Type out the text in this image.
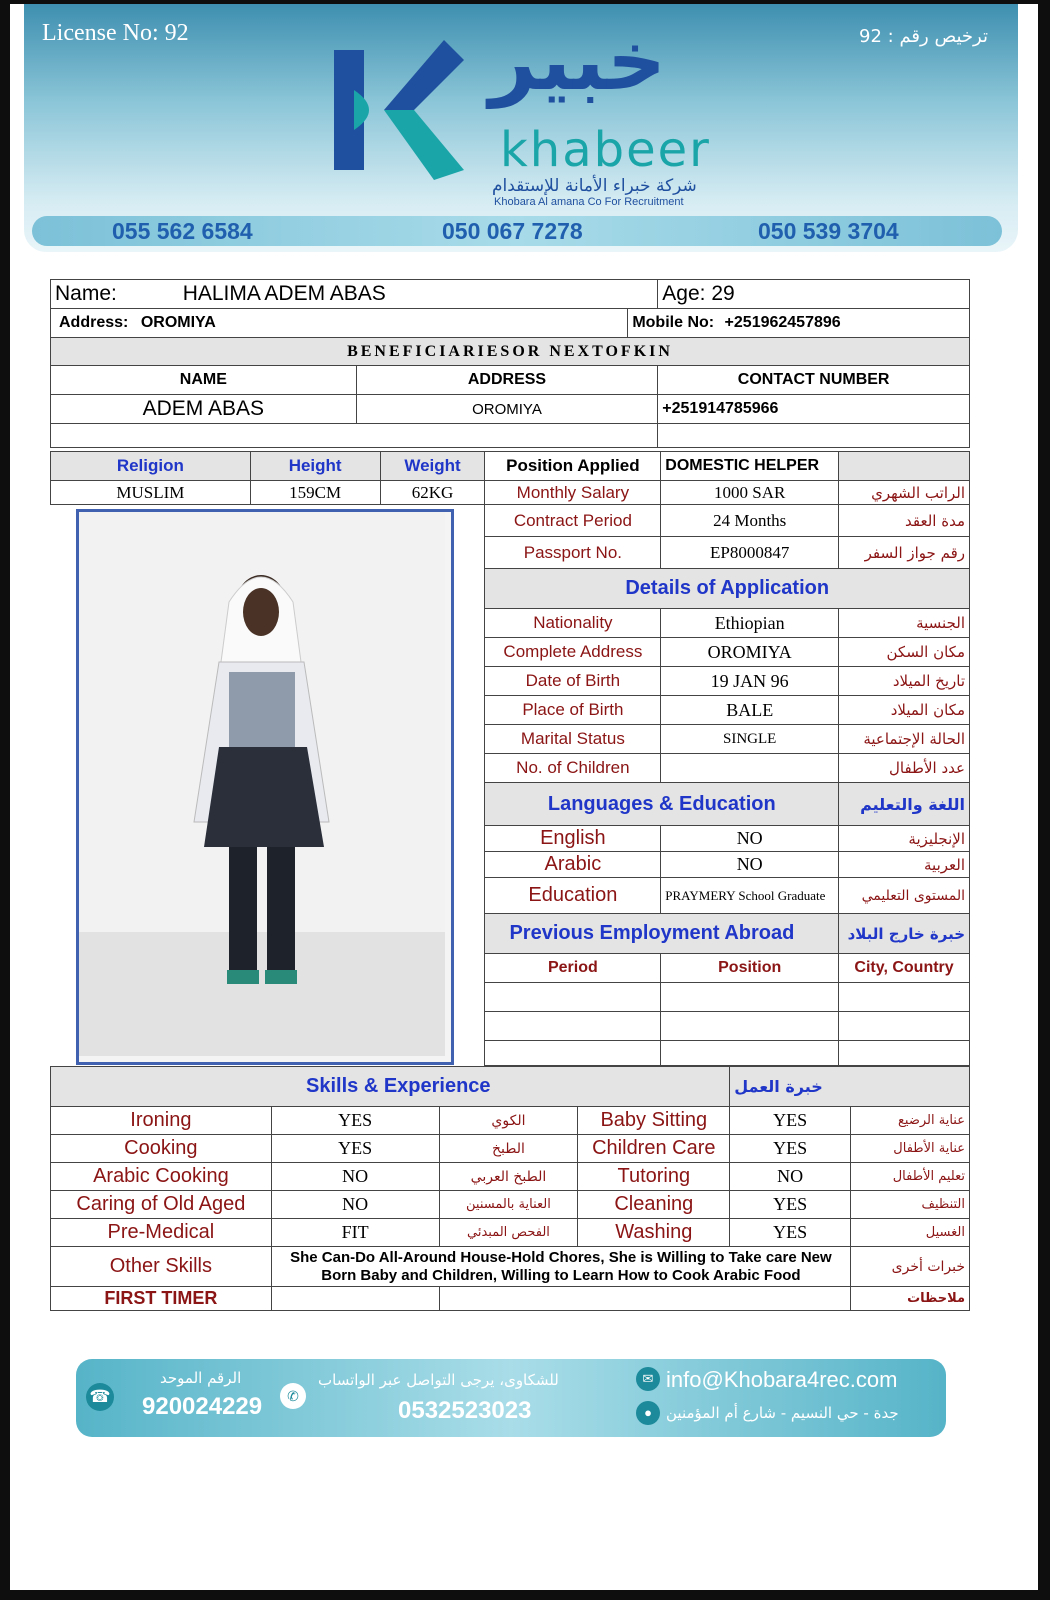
License No: 92	ترخيص رقم : 92
خبير
khabeer
شركة خبراء الأمانة للإستقدام
Khobara Al amana Co For Recruitment
055 562 6584	050 067 7278	050 539 3704
Name: HALIMA ADEM ABAS			Age: 29
Address: OROMIYA		Mobile No: +251962457896	
BENEFICIARIESOR NEXTOFKIN			
NAME	ADDRESS		CONTACT NUMBER
ADEM ABAS	OROMIYA		+251914785966

Religion	Height	Weight	Position Applied	DOMESTIC HELPER	
MUSLIM	159CM	62KG	Monthly Salary	1000 SAR	الراتب الشهري
			Contract Period	24 Months	مدة العقد
			Passport No.	EP8000847	رقم جواز السفر
			Details of Application		
			Nationality	Ethiopian	الجنسية
			Complete Address	OROMIYA	مكان السكن
			Date of Birth	19 JAN 96	تاريخ الميلاد
			Place of Birth	BALE	مكان الميلاد
			Marital Status	SINGLE	الحالة الإجتماعية
			No. of Children		عدد الأطفال
			Languages & Education		اللغة والتعليم
			English	NO	الإنجليزية
			Arabic	NO	العربية
			Education	PRAYMERY School Graduate	المستوى التعليمي
			Previous Employment Abroad		خبرة خارج البلاد
			Period	Position	City, Country

Skills & Experience				خبرة العمل	
Ironing	YES	الكوي	Baby Sitting	YES	عناية الرضيع
Cooking	YES	الطبخ	Children Care	YES	عناية الأطفال
Arabic Cooking	NO	الطبخ العربي	Tutoring	NO	تعليم الأطفال
Caring of Old Aged	NO	العناية بالمسنين	Cleaning	YES	التنظيف
Pre-Medical	FIT	الفحص المبدئي	Washing	YES	الغسيل
Other Skills	She Can-Do All-Around House-Hold Chores, She is Willing to Take care New Born Baby and Children, Willing to Learn How to Cook Arabic Food				خبرات أخرى
FIRST TIMER					ملاحظات
☎
الرقم الموحد
920024229	✆
للشكاوى، يرجى التواصل عبر الواتساب
0532523023
✉ info@Khobara4rec.com
● جدة - حي النسيم - شارع أم المؤمنين
